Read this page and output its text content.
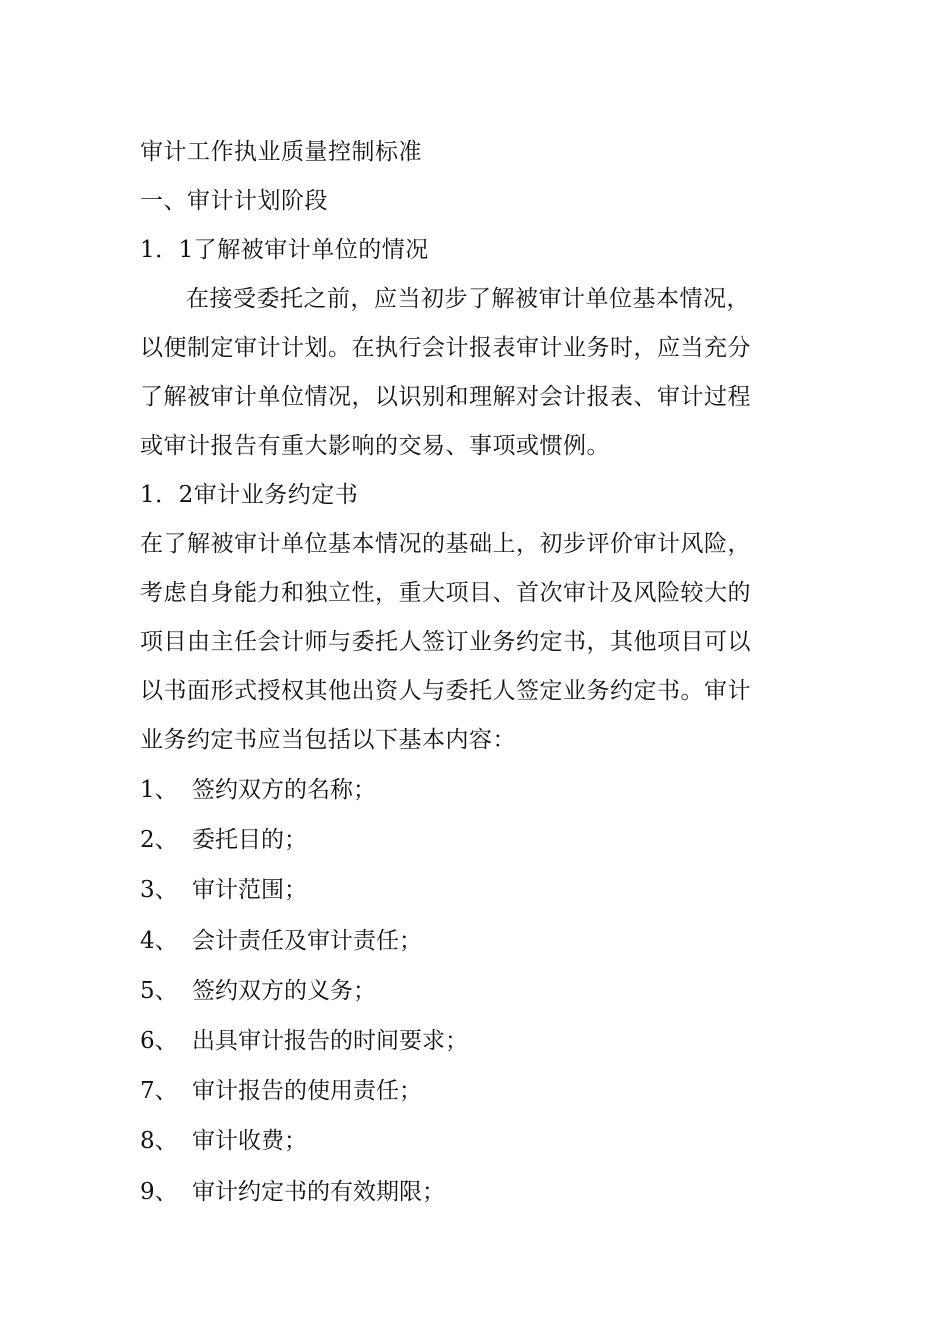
审计工作执业质量控制标准
一、审计计划阶段
1．1了解被审计单位的情况
在接受委托之前，应当初步了解被审计单位基本情况，
以便制定审计计划。在执行会计报表审计业务时，应当充分
了解被审计单位情况，以识别和理解对会计报表、审计过程
或审计报告有重大影响的交易、事项或惯例。
1．2审计业务约定书
在了解被审计单位基本情况的基础上，初步评价审计风险，
考虑自身能力和独立性，重大项目、首次审计及风险较大的
项目由主任会计师与委托人签订业务约定书，其他项目可以
以书面形式授权其他出资人与委托人签定业务约定书。审计
业务约定书应当包括以下基本内容：
1、 签约双方的名称；
2、 委托目的；
3、 审计范围；
4、 会计责任及审计责任；
5、 签约双方的义务；
6、 出具审计报告的时间要求；
7、 审计报告的使用责任；
8、 审计收费；
9、 审计约定书的有效期限；
